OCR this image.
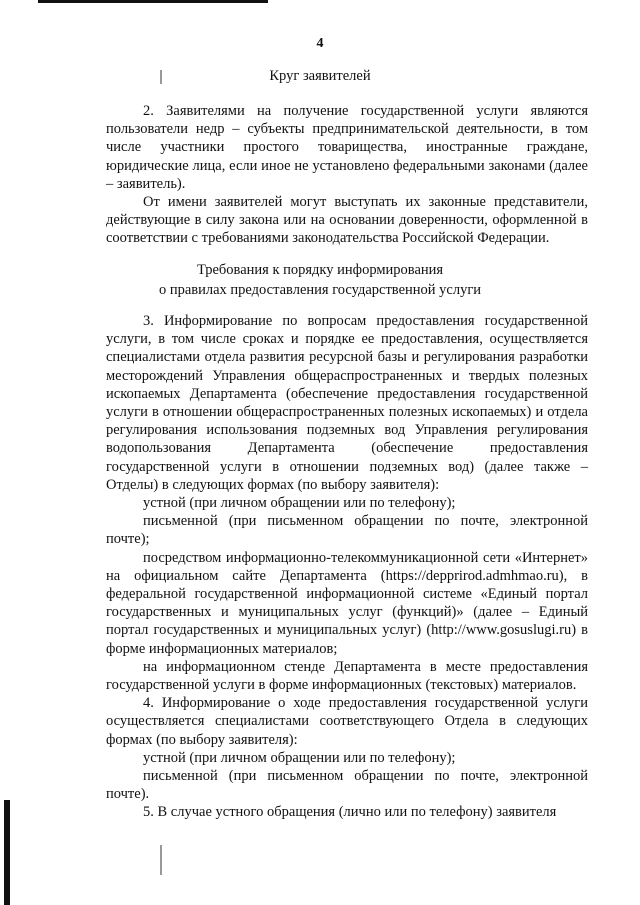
4
Круг заявителей

2. Заявителями на получение государственной услуги являются пользователи недр – субъекты предпринимательской деятельности, в том числе участники простого товарищества, иностранные граждане, юридические лица, если иное не установлено федеральными законами (далее – заявитель).

От имени заявителей могут выступать их законные представители, действующие в силу закона или на основании доверенности, оформленной в соответствии с требованиями законодательства Российской Федерации.

Требования к порядку информирования
о правилах предоставления государственной услуги

3. Информирование по вопросам предоставления государственной услуги, в том числе сроках и порядке ее предоставления, осуществляется специалистами отдела развития ресурсной базы и регулирования разработки месторождений Управления общераспространенных и твердых полезных ископаемых Департамента (обеспечение предоставления государственной услуги в отношении общераспространенных полезных ископаемых) и отдела регулирования использования подземных вод Управления регулирования водопользования Департамента (обеспечение предоставления государственной услуги в отношении подземных вод) (далее также – Отделы) в следующих формах (по выбору заявителя):

устной (при личном обращении или по телефону);

письменной (при письменном обращении по почте, электронной почте);

посредством информационно-телекоммуникационной сети «Интернет» на официальном сайте Департамента (https://depprirod.admhmao.ru), в федеральной государственной информационной системе «Единый портал государственных и муниципальных услуг (функций)» (далее – Единый портал государственных и муниципальных услуг) (http://www.gosuslugi.ru) в форме информационных материалов;

на информационном стенде Департамента в месте предоставления государственной услуги в форме информационных (текстовых) материалов.

4. Информирование о ходе предоставления государственной услуги осуществляется специалистами соответствующего Отдела в следующих формах (по выбору заявителя):

устной (при личном обращении или по телефону);

письменной (при письменном обращении по почте, электронной почте).

5. В случае устного обращения (лично или по телефону) заявителя
